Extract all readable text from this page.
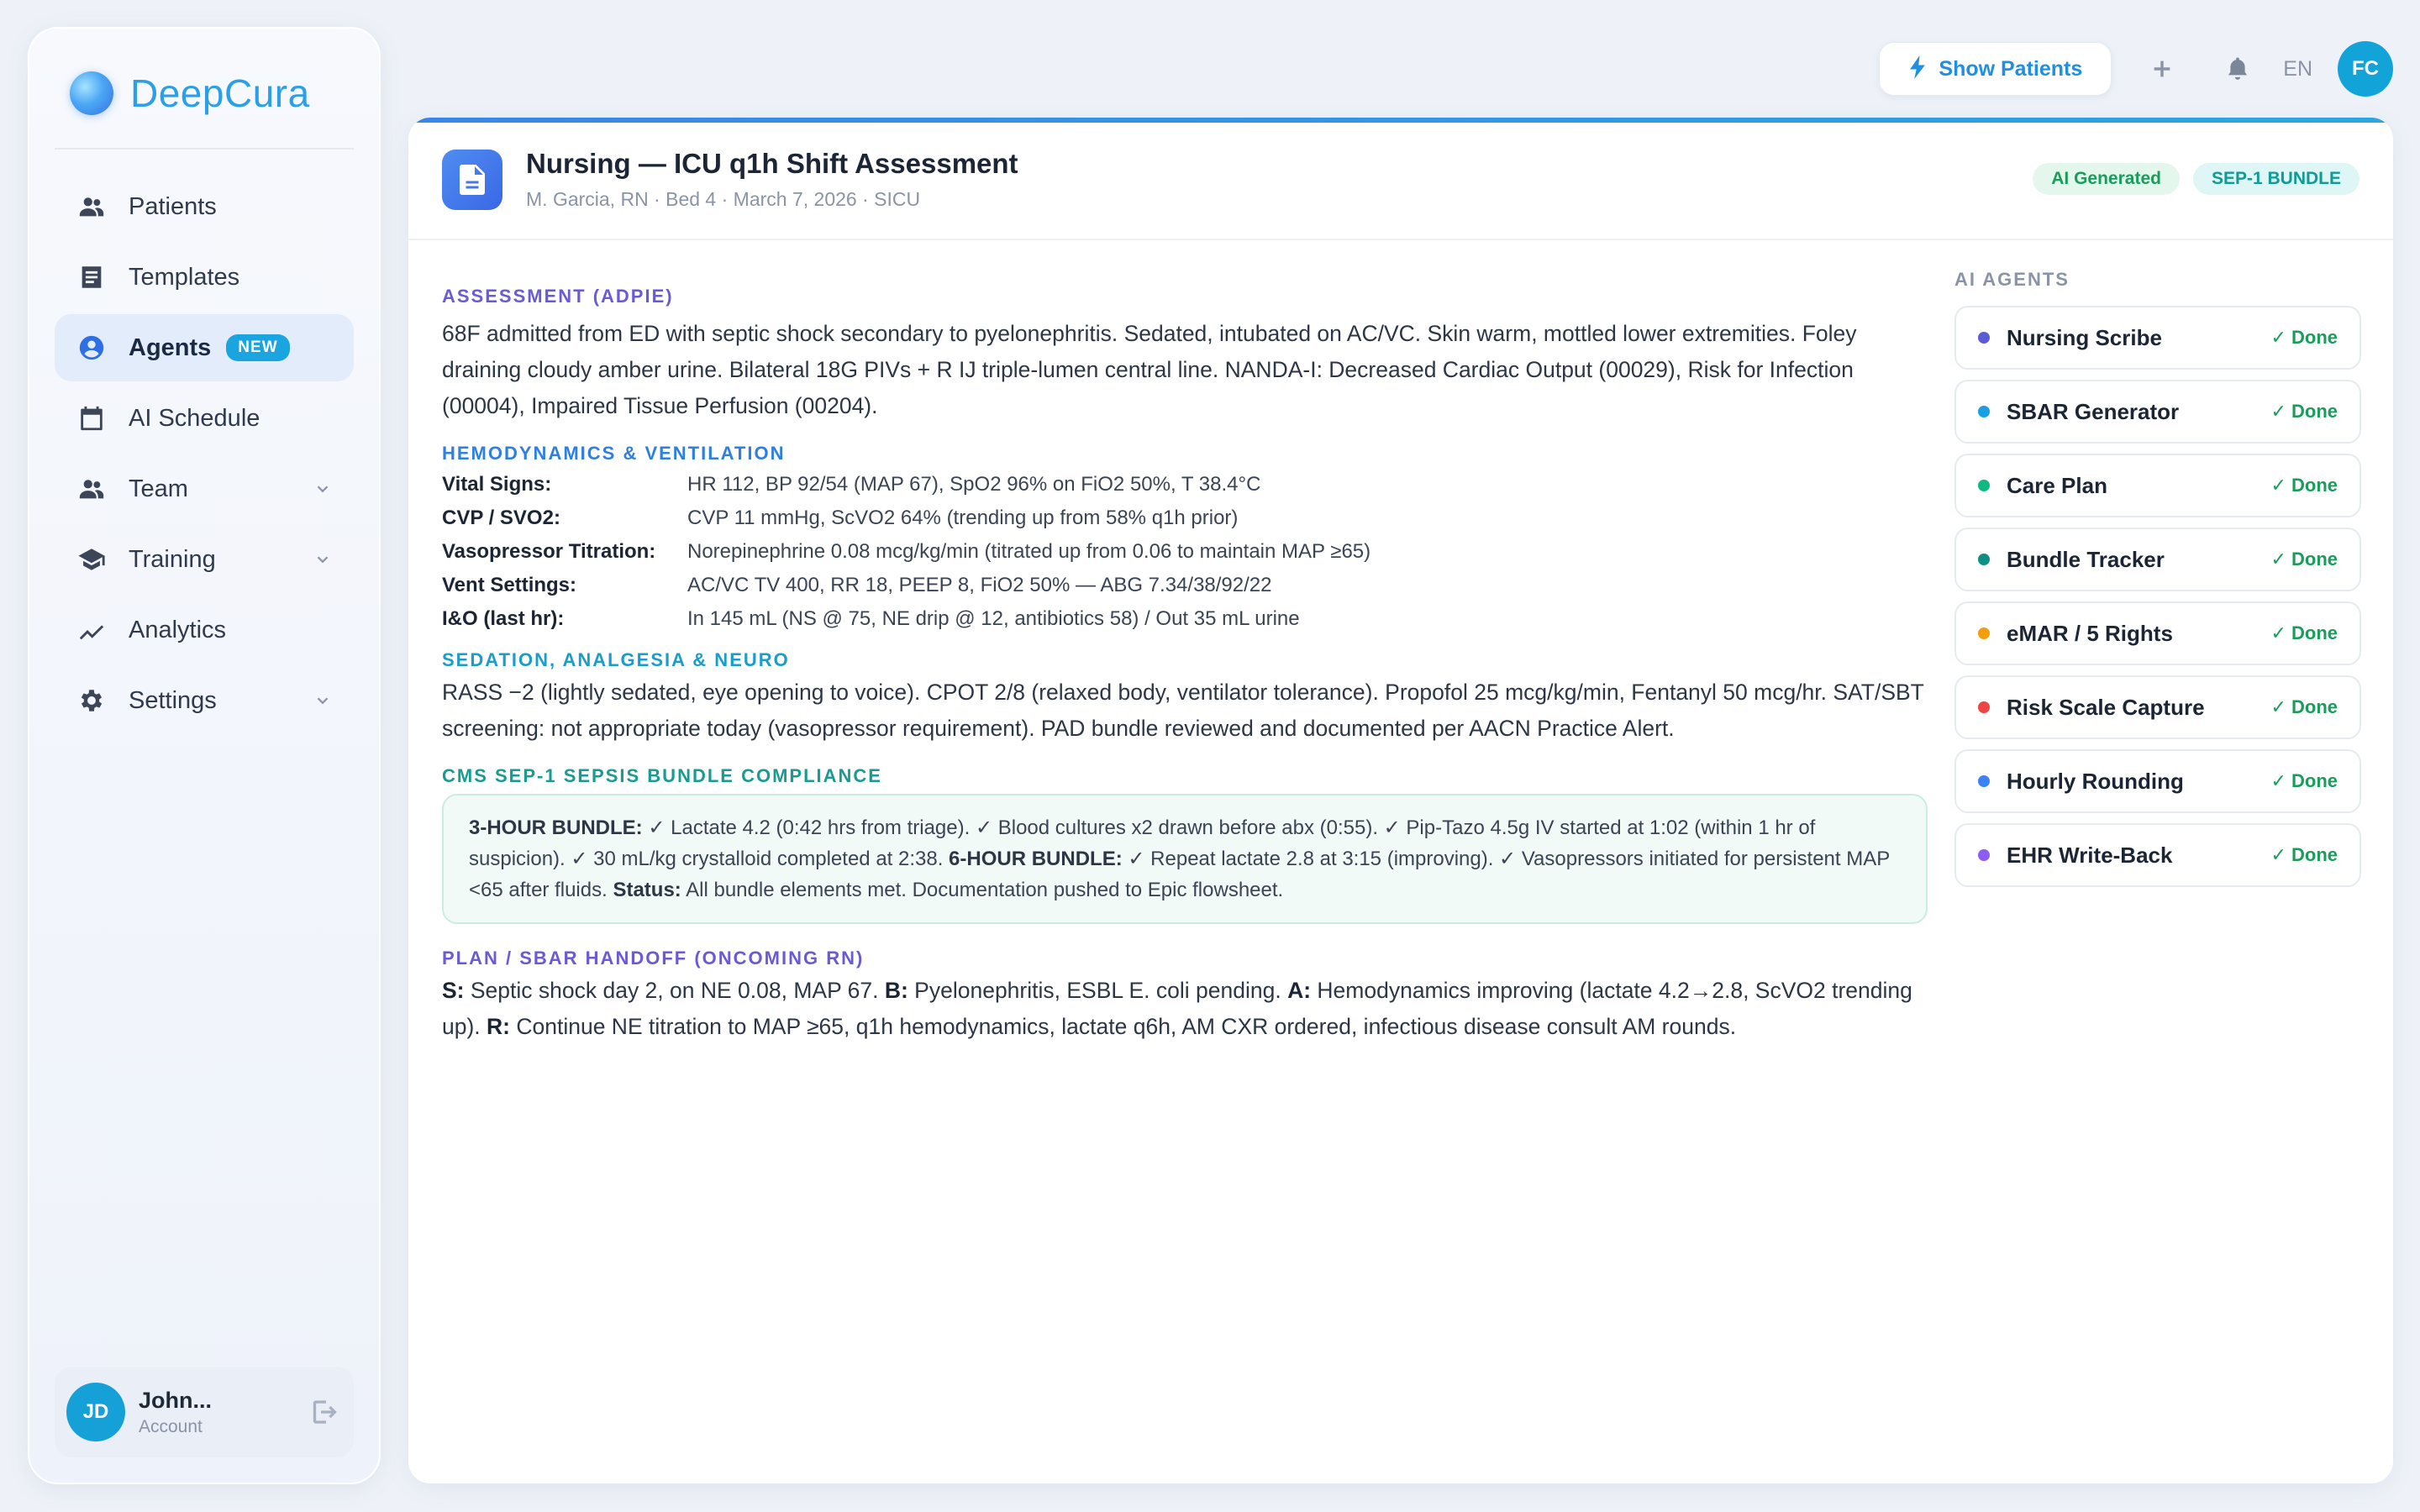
DeepCura
Patients
Templates
Agents	NEW
AI Schedule
Team
Training
Analytics
Settings
JD	John...
Account
Show Patients	EN	FC
Nursing — ICU q1h Shift Assessment
M. Garcia, RN · Bed 4 · March 7, 2026 · SICU
AI Generated	SEP-1 BUNDLE
ASSESSMENT (ADPIE)
68F admitted from ED with septic shock secondary to pyelonephritis. Sedated, intubated on AC/VC. Skin warm, mottled lower extremities. Foley draining cloudy amber urine. Bilateral 18G PIVs + R IJ triple-lumen central line. NANDA-I: Decreased Cardiac Output (00029), Risk for Infection (00004), Impaired Tissue Perfusion (00204).
HEMODYNAMICS & VENTILATION
Vital Signs:	HR 112, BP 92/54 (MAP 67), SpO2 96% on FiO2 50%, T 38.4°C
CVP / SVO2:	CVP 11 mmHg, ScVO2 64% (trending up from 58% q1h prior)
Vasopressor Titration:	Norepinephrine 0.08 mcg/kg/min (titrated up from 0.06 to maintain MAP ≥65)
Vent Settings:	AC/VC TV 400, RR 18, PEEP 8, FiO2 50% — ABG 7.34/38/92/22
I&O (last hr):	In 145 mL (NS @ 75, NE drip @ 12, antibiotics 58) / Out 35 mL urine
SEDATION, ANALGESIA & NEURO
RASS −2 (lightly sedated, eye opening to voice). CPOT 2/8 (relaxed body, ventilator tolerance). Propofol 25 mcg/kg/min, Fentanyl 50 mcg/hr. SAT/SBT screening: not appropriate today (vasopressor requirement). PAD bundle reviewed and documented per AACN Practice Alert.
CMS SEP-1 SEPSIS BUNDLE COMPLIANCE
3-HOUR BUNDLE: ✓ Lactate 4.2 (0:42 hrs from triage). ✓ Blood cultures x2 drawn before abx (0:55). ✓ Pip-Tazo 4.5g IV started at 1:02 (within 1 hr of suspicion). ✓ 30 mL/kg crystalloid completed at 2:38. 6-HOUR BUNDLE: ✓ Repeat lactate 2.8 at 3:15 (improving). ✓ Vasopressors initiated for persistent MAP <65 after fluids. Status: All bundle elements met. Documentation pushed to Epic flowsheet.
PLAN / SBAR HANDOFF (ONCOMING RN)
S: Septic shock day 2, on NE 0.08, MAP 67. B: Pyelonephritis, ESBL E. coli pending. A: Hemodynamics improving (lactate 4.2→2.8, ScVO2 trending up). R: Continue NE titration to MAP ≥65, q1h hemodynamics, lactate q6h, AM CXR ordered, infectious disease consult AM rounds.
AI AGENTS
Nursing Scribe	✓ Done
SBAR Generator	✓ Done
Care Plan	✓ Done
Bundle Tracker	✓ Done
eMAR / 5 Rights	✓ Done
Risk Scale Capture	✓ Done
Hourly Rounding	✓ Done
EHR Write-Back	✓ Done
